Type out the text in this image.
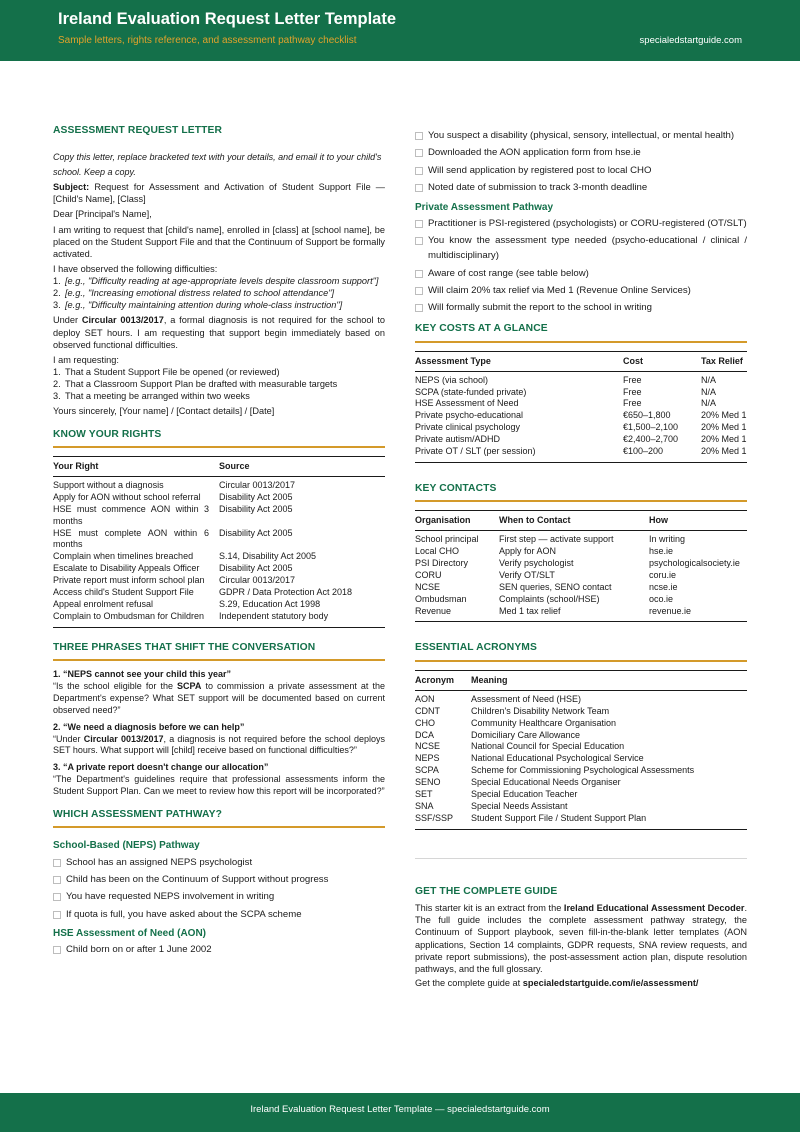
Ireland Evaluation Request Letter Template
Sample letters, rights reference, and assessment pathway checklist	specialedstartguide.com
ASSESSMENT REQUEST LETTER
Copy this letter, replace bracketed text with your details, and email it to your child's school. Keep a copy.
Subject: Request for Assessment and Activation of Student Support File — [Child's Name], [Class]
Dear [Principal's Name],
I am writing to request that [child's name], enrolled in [class] at [school name], be placed on the Student Support File and that the Continuum of Support be formally activated.
I have observed the following difficulties:
1. [e.g., "Difficulty reading at age-appropriate levels despite classroom support"]
2. [e.g., "Increasing emotional distress related to school attendance"]
3. [e.g., "Difficulty maintaining attention during whole-class instruction"]
Under Circular 0013/2017, a formal diagnosis is not required for the school to deploy SET hours. I am requesting that support begin immediately based on observed functional difficulties.
I am requesting:
1. That a Student Support File be opened (or reviewed)
2. That a Classroom Support Plan be drafted with measurable targets
3. That a meeting be arranged within two weeks
Yours sincerely, [Your name] / [Contact details] / [Date]
KNOW YOUR RIGHTS
Your Right	Source
Support without a diagnosis	Circular 0013/2017
Apply for AON without school referral	Disability Act 2005
HSE must commence AON within 3 months	Disability Act 2005
HSE must complete AON within 6 months	Disability Act 2005
Complain when timelines breached	S.14, Disability Act 2005
Escalate to Disability Appeals Officer	Disability Act 2005
Private report must inform school plan	Circular 0013/2017
Access child's Student Support File	GDPR / Data Protection Act 2018
Appeal enrolment refusal	S.29, Education Act 1998
Complain to Ombudsman for Children	Independent statutory body
THREE PHRASES THAT SHIFT THE CONVERSATION
1. “NEPS cannot see your child this year”
“Is the school eligible for the SCPA to commission a private assessment at the Department's expense? What SET support will be documented based on current observed need?”
2. “We need a diagnosis before we can help”
“Under Circular 0013/2017, a diagnosis is not required before the school deploys SET hours. What support will [child] receive based on functional difficulties?”
3. “A private report doesn't change our allocation”
“The Department's guidelines require that professional assessments inform the Student Support Plan. Can we meet to review how this report will be incorporated?”
WHICH ASSESSMENT PATHWAY?
School-Based (NEPS) Pathway
School has an assigned NEPS psychologist
Child has been on the Continuum of Support without progress
You have requested NEPS involvement in writing
If quota is full, you have asked about the SCPA scheme
HSE Assessment of Need (AON)
Child born on or after 1 June 2002
You suspect a disability (physical, sensory, intellectual, or mental health)
Downloaded the AON application form from hse.ie
Will send application by registered post to local CHO
Noted date of submission to track 3-month deadline
Private Assessment Pathway
Practitioner is PSI-registered (psychologists) or CORU-registered (OT/SLT)
You know the assessment type needed (psycho-educational / clinical / multidisciplinary)
Aware of cost range (see table below)
Will claim 20% tax relief via Med 1 (Revenue Online Services)
Will formally submit the report to the school in writing
KEY COSTS AT A GLANCE
Assessment Type	Cost	Tax Relief
NEPS (via school)	Free	N/A
SCPA (state-funded private)	Free	N/A
HSE Assessment of Need	Free	N/A
Private psycho-educational	€650–1,800	20% Med 1
Private clinical psychology	€1,500–2,100	20% Med 1
Private autism/ADHD	€2,400–2,700	20% Med 1
Private OT / SLT (per session)	€100–200	20% Med 1
KEY CONTACTS
Organisation	When to Contact	How
School principal	First step — activate support	In writing
Local CHO	Apply for AON	hse.ie
PSI Directory	Verify psychologist	psychologicalsociety.ie
CORU	Verify OT/SLT	coru.ie
NCSE	SEN queries, SENO contact	ncse.ie
Ombudsman	Complaints (school/HSE)	oco.ie
Revenue	Med 1 tax relief	revenue.ie
ESSENTIAL ACRONYMS
Acronym	Meaning
AON	Assessment of Need (HSE)
CDNT	Children's Disability Network Team
CHO	Community Healthcare Organisation
DCA	Domiciliary Care Allowance
NCSE	National Council for Special Education
NEPS	National Educational Psychological Service
SCPA	Scheme for Commissioning Psychological Assessments
SENO	Special Educational Needs Organiser
SET	Special Education Teacher
SNA	Special Needs Assistant
SSF/SSP	Student Support File / Student Support Plan
GET THE COMPLETE GUIDE
This starter kit is an extract from the Ireland Educational Assessment Decoder. The full guide includes the complete assessment pathway strategy, the Continuum of Support playbook, seven fill-in-the-blank letter templates (AON applications, Section 14 complaints, GDPR requests, SNA review requests, and private report submissions), the post-assessment action plan, dispute resolution pathways, and the full glossary.
Get the complete guide at specialedstartguide.com/ie/assessment/
Ireland Evaluation Request Letter Template — specialedstartguide.com
